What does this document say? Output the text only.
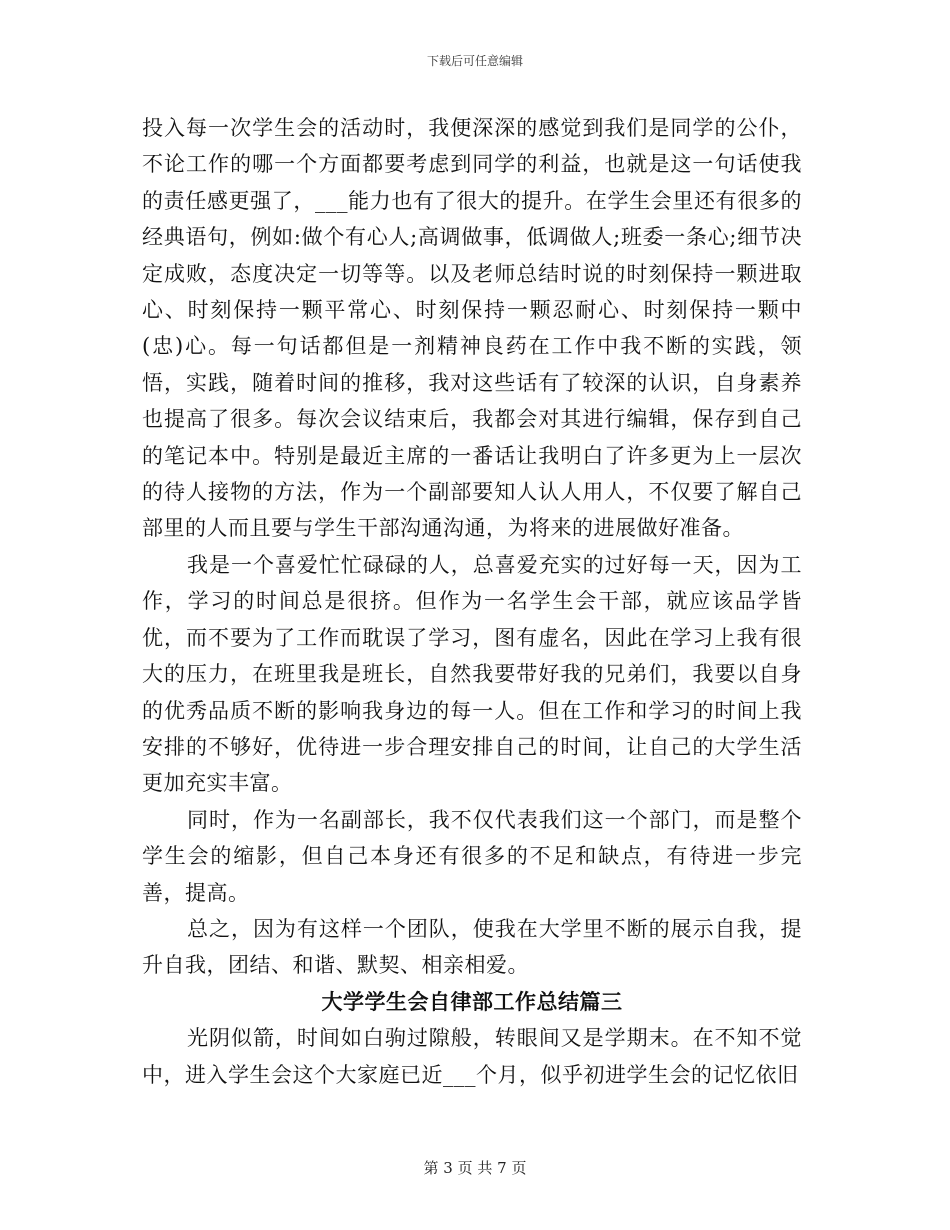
下载后可任意编辑

投入每一次学生会的活动时，我便深深的感觉到我们是同学的公仆，不论工作的哪一个方面都要考虑到同学的利益，也就是这一句话使我的责任感更强了，___能力也有了很大的提升。在学生会里还有很多的经典语句，例如:做个有心人;高调做事，低调做人;班委一条心;细节决定成败，态度决定一切等等。以及老师总结时说的时刻保持一颗进取心、时刻保持一颗平常心、时刻保持一颗忍耐心、时刻保持一颗中(忠)心。每一句话都但是一剂精神良药在工作中我不断的实践，领悟，实践，随着时间的推移，我对这些话有了较深的认识，自身素养也提高了很多。每次会议结束后，我都会对其进行编辑，保存到自己的笔记本中。特别是最近主席的一番话让我明白了许多更为上一层次的待人接物的方法，作为一个副部要知人认人用人，不仅要了解自己部里的人而且要与学生干部沟通沟通，为将来的进展做好准备。

我是一个喜爱忙忙碌碌的人，总喜爱充实的过好每一天，因为工作，学习的时间总是很挤。但作为一名学生会干部，就应该品学皆优，而不要为了工作而耽误了学习，图有虚名，因此在学习上我有很大的压力，在班里我是班长，自然我要带好我的兄弟们，我要以自身的优秀品质不断的影响我身边的每一人。但在工作和学习的时间上我安排的不够好，优待进一步合理安排自己的时间，让自己的大学生活更加充实丰富。

同时，作为一名副部长，我不仅代表我们这一个部门，而是整个学生会的缩影，但自己本身还有很多的不足和缺点，有待进一步完善，提高。

总之，因为有这样一个团队，使我在大学里不断的展示自我，提升自我，团结、和谐、默契、相亲相爱。

大学学生会自律部工作总结篇三

光阴似箭，时间如白驹过隙般，转眼间又是学期末。在不知不觉中，进入学生会这个大家庭已近___个月，似乎初进学生会的记忆依旧

第 3 页 共 7 页
